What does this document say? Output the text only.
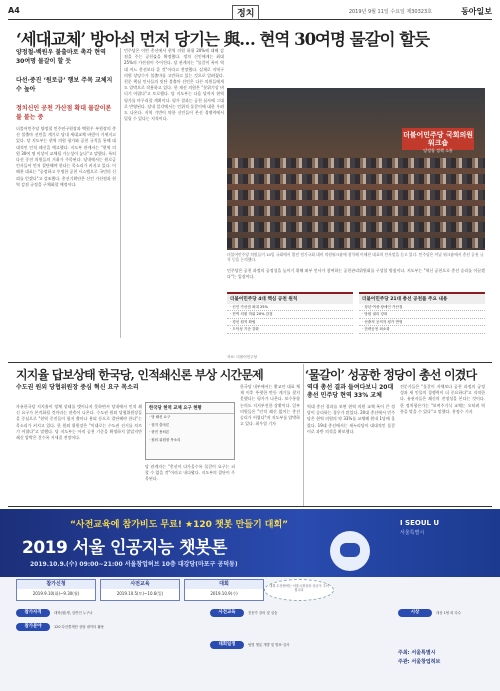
A4	정치	2019년 9월 11일 수요일 제30323호	동아일보
‘세대교체’ 방아쇠 먼저 당기는 與… 현역 30여명 물갈이 할듯
양정철-백원우 불출마로 촉각 현역 30여명 물갈이 할 듯
다선·중진 ‘원로급’ 행보 주목 교체지수 높아
정치신인 공천 가산점 확대 물갈이론 불 붙는 중
더불어민주당 양정철 민주연구원장과 백원우 부원장의 총선 불출마 선언을 계기로 당내 세대교체 바람이 거세지고 있다. 당 지도부는 현역 의원 평가와 공천 규칙을 통해 대대적인 인적 쇄신을 예고했다. 지도부 관계자는 "현역 의원 30여 명 이상이 교체될 가능성이 높다"고 말했다. 특히 다선 중진 의원들의 거취가 주목된다. 당내에서는 원로급 인사들이 먼저 결단해야 한다는 목소리가 커지고 있다. 이해찬 대표는 "공정하고 투명한 공천 시스템으로 국민의 신뢰를 얻겠다"고 강조했다. 총선기획단은 신인 가산점과 현역 감점 규정을 구체화할 예정이다.
민주당은 이번 총선에서 현역 의원 하위 20%에 대해 감점을 주는 공천룰을 확정했다. 정치 신인에게는 최대 25%의 가산점이 주어진다. 당 관계자는 "물갈이 폭이 역대 어느 총선보다 클 것"이라고 전망했다. 실제로 지역구 의원 상당수가 불출마를 고민하고 있는 것으로 알려졌다. 친문 핵심 인사들의 잇단 불출마 선언은 다른 의원들에게도 압박으로 작용하고 있다. 한 재선 의원은 "분위기상 버티기 어렵다"고 토로했다. 당 지도부는 다음 달까지 현역 평가를 마무리할 계획이다. 평가 결과는 공천 심사에 그대로 반영된다. 당내 일각에서는 인위적 물갈이에 대한 우려도 나온다. 지역 기반이 약한 신인들이 본선 경쟁력에서 밀릴 수 있다는 지적이다.
더불어민주당 국회의원 워크숍
당정청 정책 소통
더불어민주당 의원들이 10일 국회에서 열린 정기국회 대비 의원워크숍에 참석해 이해찬 대표의 인사말을 듣고 있다. 민주당은 이날 워크숍에서 총선 공천 규칙 등을 논의했다.
민주당은 공천 과정의 공정성을 높이기 위해 외부 인사가 참여하는 공천관리위원회를 구성할 방침이다. 지도부는 "혁신 공천으로 총선 승리를 이끌겠다"는 입장이다.
더불어민주당 4대 핵심 공천 원칙
· 신인 가산점 최대 25%
· 현역 의원 하위 20% 감점
· 경선 원칙 확립
· 도덕성 기준 강화
더불어민주당 21대 총선 공천룰 주요 내용
· 청년·여성·장애인 가산점
· 당원 권리 강화
· 선출직 공직자 평가 반영
· 전략공천 최소화
자료: 더불어민주당
지지율 답보상태 한국당, 인적쇄신론 부상 시간문제	‘물갈이’ 성공한 정당이 총선 이겼다
수도권 원외 당협위원장 중심 혁신 요구 목소리
자유한국당 지지율이 정체 상태를 벗어나지 못하면서 당내에서 인적 쇄신 요구가 본격화될 것이라는 관측이 나온다. 수도권 원외 당협위원장들을 중심으로 "현역 중진들이 험지 출마나 용퇴 등으로 결단해야 한다"는 목소리가 커지고 있다. 한 원외 위원장은 "이대로는 수도권 선거를 치르기 어렵다"고 말했다. 당 지도부는 아직 공천 기준을 확정하지 않았지만 쇄신 압박은 갈수록 거세질 전망이다.
한국당 현역 교체 요구 현황
· 당 쇄신 요구
· 험지 출마론
· 중진 용퇴론
· 원외 위원장 목소리
당 관계자는 "총선이 다가올수록 물갈이 요구는 피할 수 없을 것"이라고 내다봤다. 지도부의 결단이 주목된다.
한국당 내부에서는 황교안 대표 체제 이후 뚜렷한 반등 계기를 찾지 못했다는 평가가 나온다. 보수통합 논의도 지지부진한 상황이다. 일부 의원들은 "인적 쇄신 없이는 총선 승리가 어렵다"며 지도부를 압박하고 있다. 최우열 기자
역대 총선 결과 들여다보니 20대 총선 민주당 현역 33% 교체
역대 총선 결과를 보면 현역 의원 교체 폭이 큰 정당이 승리하는 경우가 많았다. 20대 총선에서 민주당은 현역 의원의 약 33%를 교체해 원내 1당에 올랐다. 19대 총선에서는 새누리당이 대대적인 물갈이로 과반 의석을 확보했다.
전문가들은 "물갈이 자체보다 공천 과정의 공정성과 새 인물의 경쟁력이 더 중요하다"고 지적한다. 유권자들은 쇄신의 진정성을 본다는 것이다. 한 정치평론가는 "보여주기식 교체는 오히려 역풍을 맞을 수 있다"고 말했다. 홍정수 기자
“사전교육에 참가비도 무료! ★120 챗봇 만들기 대회”
2019 서울 인공지능 챗봇톤
2019.10.9.(수) 09:00~21:00 서울창업허브 10층 대강당(마포구 공덕동)
I SEOUL U
서울특별시
참가신청
2019.9.10(화)~9.30(월)
사전교육
2019.10.5(토)~10.6(일)
대회
2019.10.9(수)
대회 수상팀에는 서울시장상과 상금이 주어집니다
참가자격	대학(원)생, 일반인 누구나
참가분야	120 다산콜재단 상담 데이터 활용
사전교육	전문가 강의 및 실습
대회일정	팀별 챗봇 개발 및 발표·심사
시상	대상 1팀 외 다수
주최: 서울특별시
주관: 서울창업허브
